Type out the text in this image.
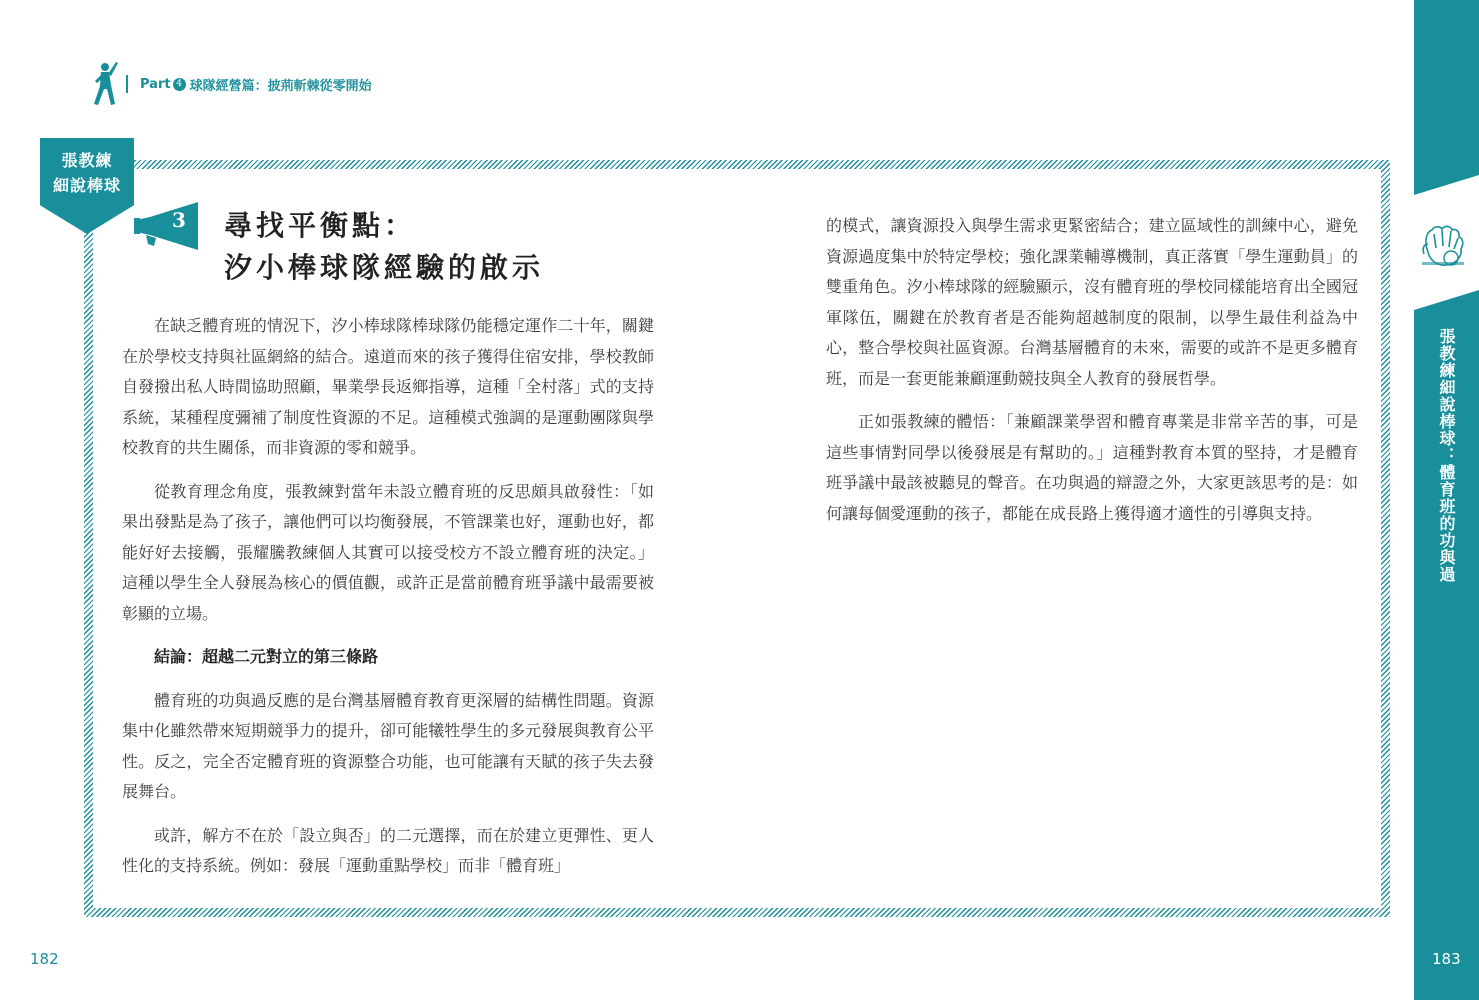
Part 4 球隊經營篇：披荊斬棘從零開始
張教練
細說棒球
3 尋找平衡點：
汐小棒球隊經驗的啟示

在缺乏體育班的情況下，汐小棒球隊棒球隊仍能穩定運作二十年，關鍵在於學校支持與社區網絡的結合。遠道而來的孩子獲得住宿安排，學校教師自發撥出私人時間協助照顧，畢業學長返鄉指導，這種「全村落」式的支持系統，某種程度彌補了制度性資源的不足。這種模式強調的是運動團隊與學校教育的共生關係，而非資源的零和競爭。

從教育理念角度，張教練對當年未設立體育班的反思頗具啟發性：「如果出發點是為了孩子，讓他們可以均衡發展，不管課業也好，運動也好，都能好好去接觸，張耀騰教練個人其實可以接受校方不設立體育班的決定。」這種以學生全人發展為核心的價值觀，或許正是當前體育班爭議中最需要被彰顯的立場。

結論：超越二元對立的第三條路

體育班的功與過反應的是台灣基層體育教育更深層的結構性問題。資源集中化雖然帶來短期競爭力的提升，卻可能犧牲學生的多元發展與教育公平性。反之，完全否定體育班的資源整合功能，也可能讓有天賦的孩子失去發展舞台。

或許，解方不在於「設立與否」的二元選擇，而在於建立更彈性、更人性化的支持系統。例如：發展「運動重點學校」而非「體育班」

的模式，讓資源投入與學生需求更緊密結合；建立區域性的訓練中心，避免資源過度集中於特定學校；強化課業輔導機制，真正落實「學生運動員」的雙重角色。汐小棒球隊的經驗顯示，沒有體育班的學校同樣能培育出全國冠軍隊伍，關鍵在於教育者是否能夠超越制度的限制，以學生最佳利益為中心，整合學校與社區資源。台灣基層體育的未來，需要的或許不是更多體育班，而是一套更能兼顧運動競技與全人教育的發展哲學。

正如張教練的體悟：「兼顧課業學習和體育專業是非常辛苦的事，可是這些事情對同學以後發展是有幫助的。」這種對教育本質的堅持，才是體育班爭議中最該被聽見的聲音。在功與過的辯證之外，大家更該思考的是：如何讓每個愛運動的孩子，都能在成長路上獲得適才適性的引導與支持。	張教練細說棒球：體育班的功與過
182	183
